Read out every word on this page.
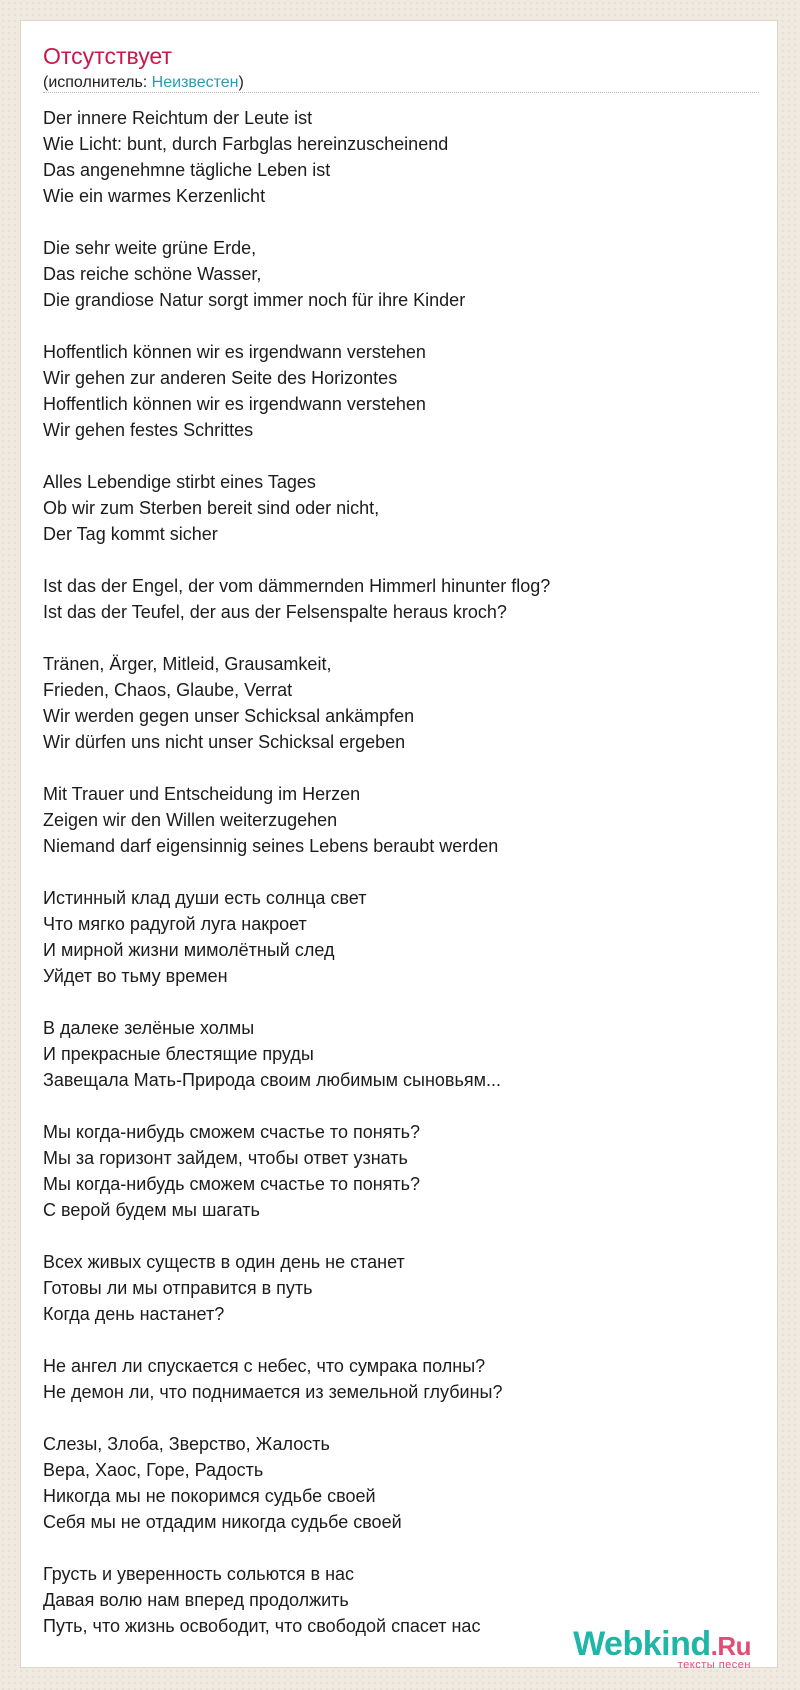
Отсутствует
(исполнитель: Неизвестен)
Der innere Reichtum der Leute ist
Wie Licht: bunt, durch Farbglas hereinzuscheinend
Das angenehmne tägliche Leben ist
Wie ein warmes Kerzenlicht
Die sehr weite grüne Erde,
Das reiche schöne Wasser,
Die grandiose Natur sorgt immer noch für ihre Kinder
Hoffentlich können wir es irgendwann verstehen
Wir gehen zur anderen Seite des Horizontes
Hoffentlich können wir es irgendwann verstehen
Wir gehen festes Schrittes
Alles Lebendige stirbt eines Tages
Ob wir zum Sterben bereit sind oder nicht,
Der Tag kommt sicher
Ist das der Engel, der vom dämmernden Himmerl hinunter flog?
Ist das der Teufel, der aus der Felsenspalte heraus kroch?
Tränen, Ärger, Mitleid, Grausamkeit,
Frieden, Chaos, Glaube, Verrat
Wir werden gegen unser Schicksal ankämpfen
Wir dürfen uns nicht unser Schicksal ergeben
Mit Trauer und Entscheidung im Herzen
Zeigen wir den Willen weiterzugehen
Niemand darf eigensinnig seines Lebens beraubt werden
Истинный клад души есть солнца свет
Что мягко радугой луга накроет
И мирной жизни мимолётный след
Уйдет во тьму времен
В далеке зелёные холмы
И прекрасные блестящие пруды
Завещала Мать-Природа своим любимым сыновьям...
Мы когда-нибудь сможем счастье то понять?
Мы за горизонт зайдем, чтобы ответ узнать
Мы когда-нибудь сможем счастье то понять?
С верой будем мы шагать
Всех живых существ в один день не станет
Готовы ли мы отправится в путь
Когда день настанет?
Не ангел ли спускается с небес, что сумрака полны?
Не демон ли, что поднимается из земельной глубины?
Слезы, Злоба, Зверство, Жалость
Вера, Хаос, Горе, Радость
Никогда мы не покоримся судьбе своей
Себя мы не отдадим никогда судьбе своей
Грусть и уверенность сольются в нас
Давая волю нам вперед продолжить
Путь, что жизнь освободит, что свободой спасет нас	Webkind.Ru
тексты песен
